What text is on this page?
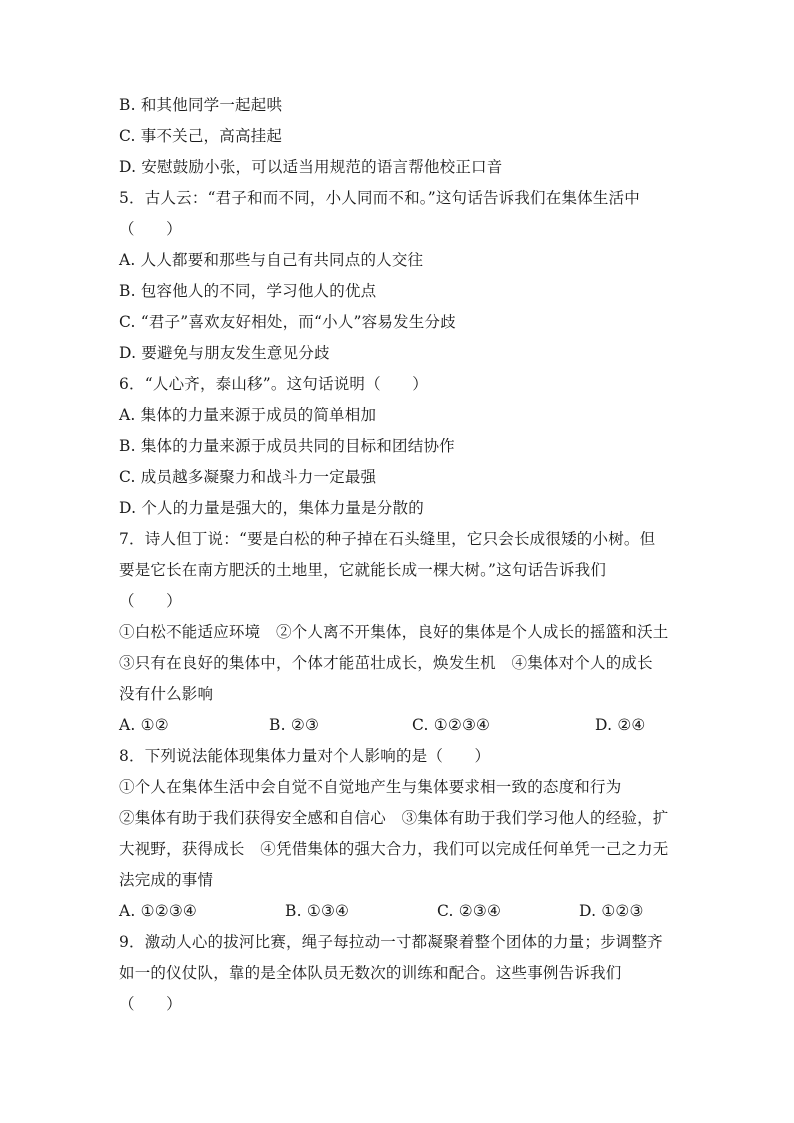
B. 和其他同学一起起哄
C. 事不关己，高高挂起
D. 安慰鼓励小张，可以适当用规范的语言帮他校正口音
5．古人云：“君子和而不同，小人同而不和。”这句话告诉我们在集体生活中
（　　）
A. 人人都要和那些与自己有共同点的人交往
B. 包容他人的不同，学习他人的优点
C. “君子”喜欢友好相处，而“小人”容易发生分歧
D. 要避免与朋友发生意见分歧
6．“人心齐，泰山移”。这句话说明（　　）
A. 集体的力量来源于成员的简单相加
B. 集体的力量来源于成员共同的目标和团结协作
C. 成员越多凝聚力和战斗力一定最强
D. 个人的力量是强大的，集体力量是分散的
7．诗人但丁说：“要是白松的种子掉在石头缝里，它只会长成很矮的小树。但
要是它长在南方肥沃的土地里，它就能长成一棵大树。”这句话告诉我们
（　　）
①白松不能适应环境　②个人离不开集体，良好的集体是个人成长的摇篮和沃土
③只有在良好的集体中，个体才能茁壮成长，焕发生机　④集体对个人的成长
没有什么影响
A. ①②	B. ②③	C. ①②③④	D. ②④
8．下列说法能体现集体力量对个人影响的是（　　）
①个人在集体生活中会自觉不自觉地产生与集体要求相一致的态度和行为
②集体有助于我们获得安全感和自信心　③集体有助于我们学习他人的经验，扩
大视野，获得成长　④凭借集体的强大合力，我们可以完成任何单凭一己之力无
法完成的事情
A. ①②③④	B. ①③④	C. ②③④	D. ①②③
9．激动人心的拔河比赛，绳子每拉动一寸都凝聚着整个团体的力量；步调整齐
如一的仪仗队，靠的是全体队员无数次的训练和配合。这些事例告诉我们
（　　）
